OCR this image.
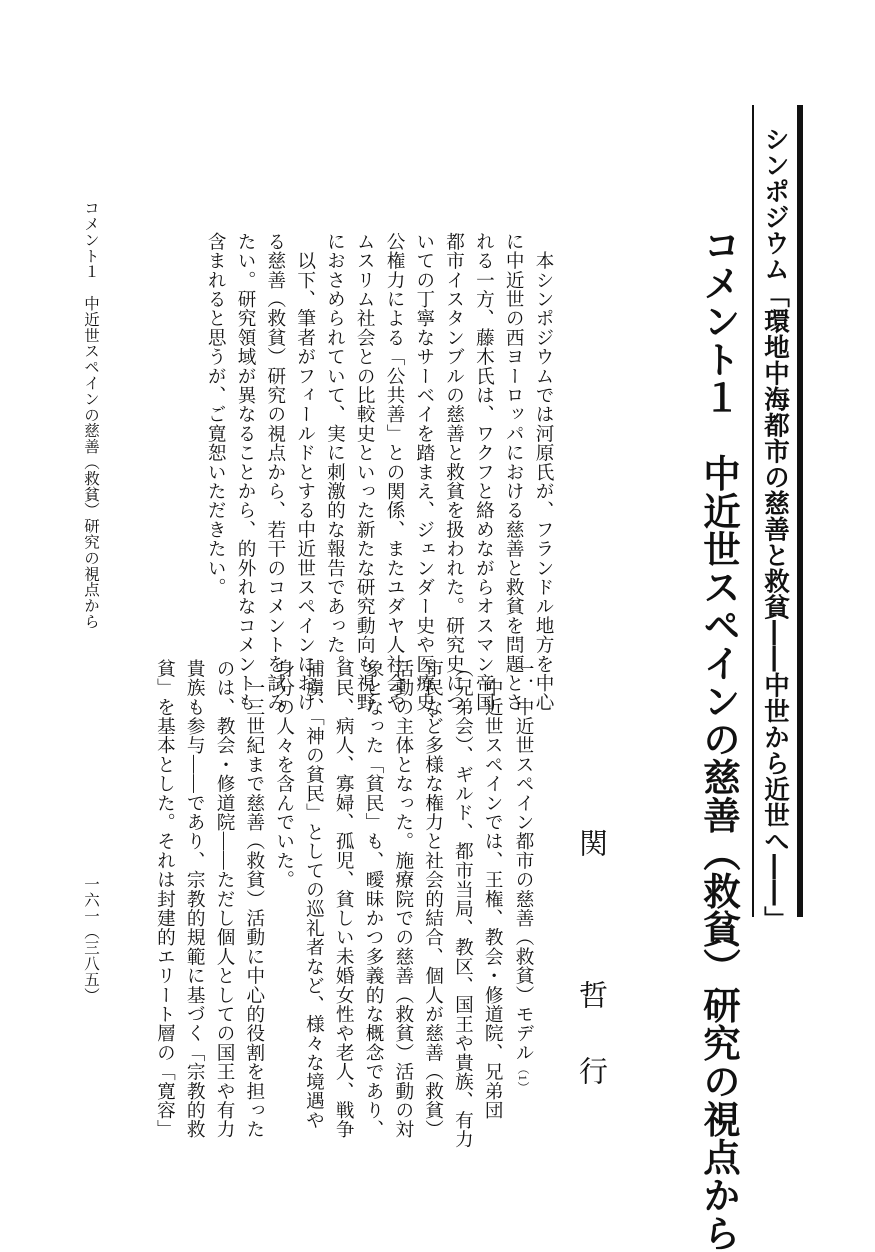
シンポジウム「環地中海都市の慈善と救貧――中世から近世へ――」

コメント１　中近世スペインの慈善（救貧）研究の視点から

関　哲行

　本シンポジウムでは河原氏が、フランドル地方を中心
に中近世の西ヨーロッパにおける慈善と救貧を問題とさ
れる一方、藤木氏は、ワクフと絡めながらオスマン帝国
都市イスタンブルの慈善と救貧を扱われた。研究史につ
いての丁寧なサーベイを踏まえ、ジェンダー史や医療史、
公権力による「公共善」との関係、またユダヤ人社会や
ムスリム社会との比較史といった新たな研究動向も視野
におさめられていて、実に刺激的な報告であった。
　以下、筆者がフィールドとする中近世スペインにおけ
る慈善（救貧）研究の視点から、若干のコメントを試み
たい。研究領域が異なることから、的外れなコメントも
含まれると思うが、ご寛恕いただきたい。

一．中近世スペイン都市の慈善（救貧）モデル（1）
　中近世スペインでは、王権、教会・修道院、兄弟団
（兄弟会）、ギルド、都市当局、教区、国王や貴族、有力
市民など多様な権力と社会的結合、個人が慈善（救貧）
活動の主体となった。施療院での慈善（救貧）活動の対
象となった「貧民」も、曖昧かつ多義的な概念であり、
貧民、病人、寡婦、孤児、貧しい未婚女性や老人、戦争
捕虜、「神の貧民」としての巡礼者など、様々な境遇や
身分の人々を含んでいた。
　一三世紀まで慈善（救貧）活動に中心的役割を担った
のは、教会・修道院――ただし個人としての国王や有力
貴族も参与――であり、宗教的規範に基づく「宗教的救
貧」を基本とした。それは封建的エリート層の「寛容」

コメント１　中近世スペインの慈善（救貧）研究の視点から

一六一（三八五）
